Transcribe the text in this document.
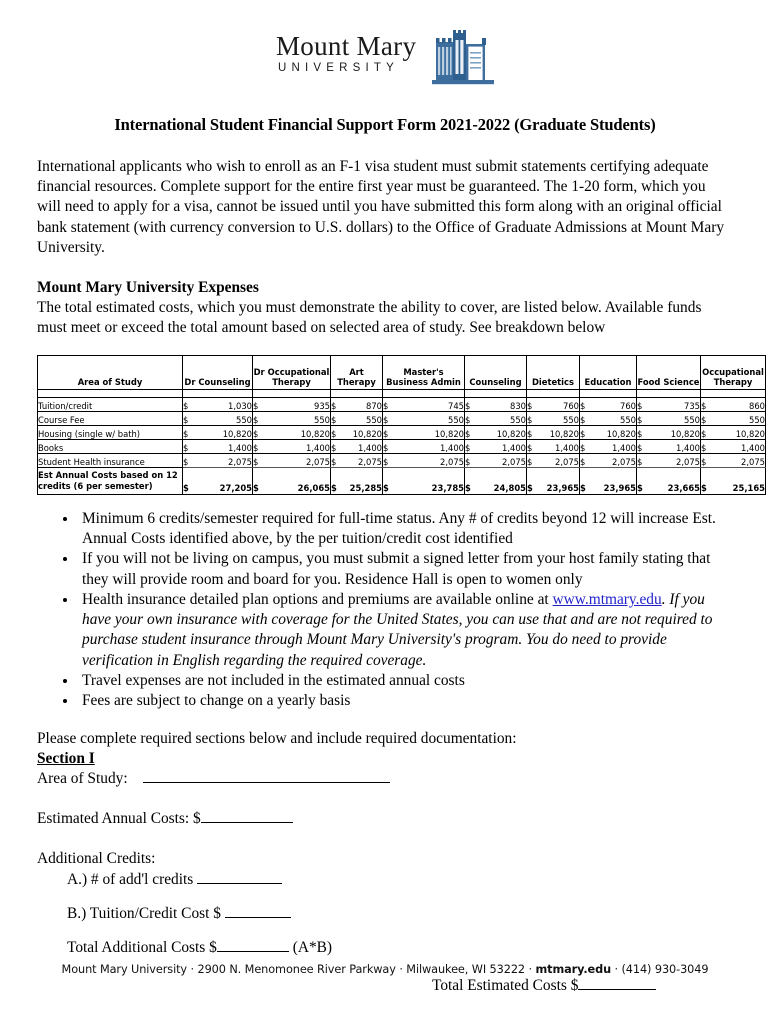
Mount Mary
UNIVERSITY
International Student Financial Support Form 2021-2022 (Graduate Students)

International applicants who wish to enroll as an F-1 visa student must submit statements certifying adequate financial resources. Complete support for the entire first year must be guaranteed. The 1-20 form, which you will need to apply for a visa, cannot be issued until you have submitted this form along with an original official bank statement (with currency conversion to U.S. dollars) to the Office of Graduate Admissions at Mount Mary University.

Mount Mary University Expenses

The total estimated costs, which you must demonstrate the ability to cover, are listed below. Available funds must meet or exceed the total amount based on selected area of study. See breakdown below

Area of Study	Dr Counseling	Dr Occupational Therapy	Art Therapy	Master's Business Admin	Counseling	Dietetics	Education	Food Science	Occupational Therapy

Tuition/credit	$ 1,030	$ 935	$ 870	$ 745	$ 830	$ 760	$ 760	$ 735	$ 860

Course Fee	$ 550	$ 550	$ 550	$ 550	$ 550	$ 550	$ 550	$ 550	$ 550

Housing (single w/ bath)	$ 10,820	$ 10,820	$ 10,820	$ 10,820	$ 10,820	$ 10,820	$ 10,820	$ 10,820	$ 10,820

Books	$ 1,400	$ 1,400	$ 1,400	$ 1,400	$ 1,400	$ 1,400	$ 1,400	$ 1,400	$ 1,400

Student Health insurance	$ 2,075	$ 2,075	$ 2,075	$ 2,075	$ 2,075	$ 2,075	$ 2,075	$ 2,075	$ 2,075

Est Annual Costs based on 12
credits (6 per semester)	$ 27,205	$ 26,065	$ 25,285	$ 23,785	$ 24,805	$ 23,965	$ 23,965	$ 23,665	$ 25,165
• Minimum 6 credits/semester required for full-time status. Any # of credits beyond 12 will increase Est. Annual Costs identified above, by the per tuition/credit cost identified
• If you will not be living on campus, you must submit a signed letter from your host family stating that they will provide room and board for you. Residence Hall is open to women only
• Health insurance detailed plan options and premiums are available online at www.mtmary.edu. If you have your own insurance with coverage for the United States, you can use that and are not required to purchase student insurance through Mount Mary University's program. You do need to provide verification in English regarding the required coverage.
• Travel expenses are not included in the estimated annual costs
• Fees are subject to change on a yearly basis
Please complete required sections below and include required documentation:
Section I
Area of Study:
Estimated Annual Costs: $
Additional Credits:
A.) # of add'l credits
B.) Tuition/Credit Cost $
Total Additional Costs $	(A*B)
Total Estimated Costs $
Mount Mary University · 2900 N. Menomonee River Parkway · Milwaukee, WI 53222 · mtmary.edu · (414) 930-3049
